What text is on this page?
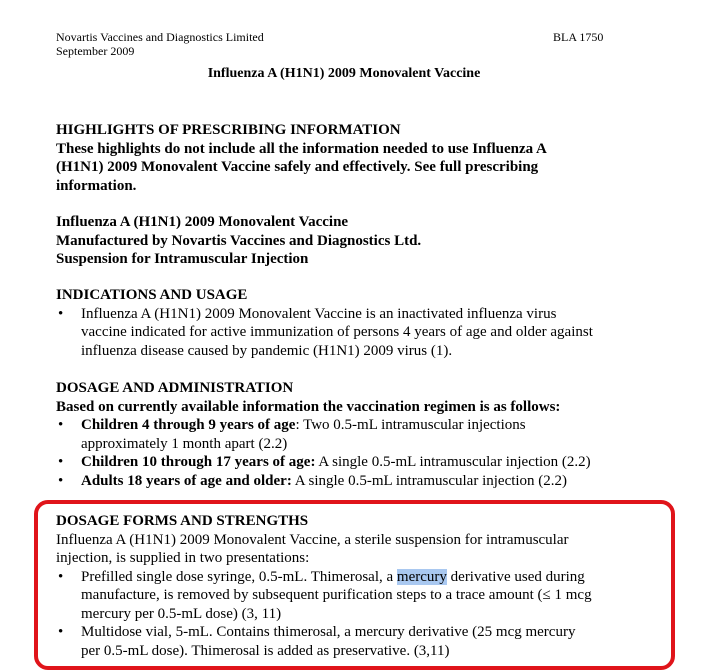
Novartis Vaccines and Diagnostics Limited
September 2009
BLA 1750
Influenza A (H1N1) 2009 Monovalent Vaccine
HIGHLIGHTS OF PRESCRIBING INFORMATION
These highlights do not include all the information needed to use Influenza A
(H1N1) 2009 Monovalent Vaccine safely and effectively. See full prescribing
information.
Influenza A (H1N1) 2009 Monovalent Vaccine
Manufactured by Novartis Vaccines and Diagnostics Ltd.
Suspension for Intramuscular Injection
INDICATIONS AND USAGE
• Influenza A (H1N1) 2009 Monovalent Vaccine is an inactivated influenza virus
vaccine indicated for active immunization of persons 4 years of age and older against
influenza disease caused by pandemic (H1N1) 2009 virus (1).
DOSAGE AND ADMINISTRATION
Based on currently available information the vaccination regimen is as follows:
• Children 4 through 9 years of age: Two 0.5-mL intramuscular injections
approximately 1 month apart (2.2)
• Children 10 through 17 years of age: A single 0.5-mL intramuscular injection (2.2)
• Adults 18 years of age and older: A single 0.5-mL intramuscular injection (2.2)
DOSAGE FORMS AND STRENGTHS
Influenza A (H1N1) 2009 Monovalent Vaccine, a sterile suspension for intramuscular
injection, is supplied in two presentations:
• Prefilled single dose syringe, 0.5-mL. Thimerosal, a mercury derivative used during
manufacture, is removed by subsequent purification steps to a trace amount (≤ 1 mcg
mercury per 0.5-mL dose) (3, 11)
• Multidose vial, 5-mL. Contains thimerosal, a mercury derivative (25 mcg mercury
per 0.5-mL dose). Thimerosal is added as preservative. (3,11)
